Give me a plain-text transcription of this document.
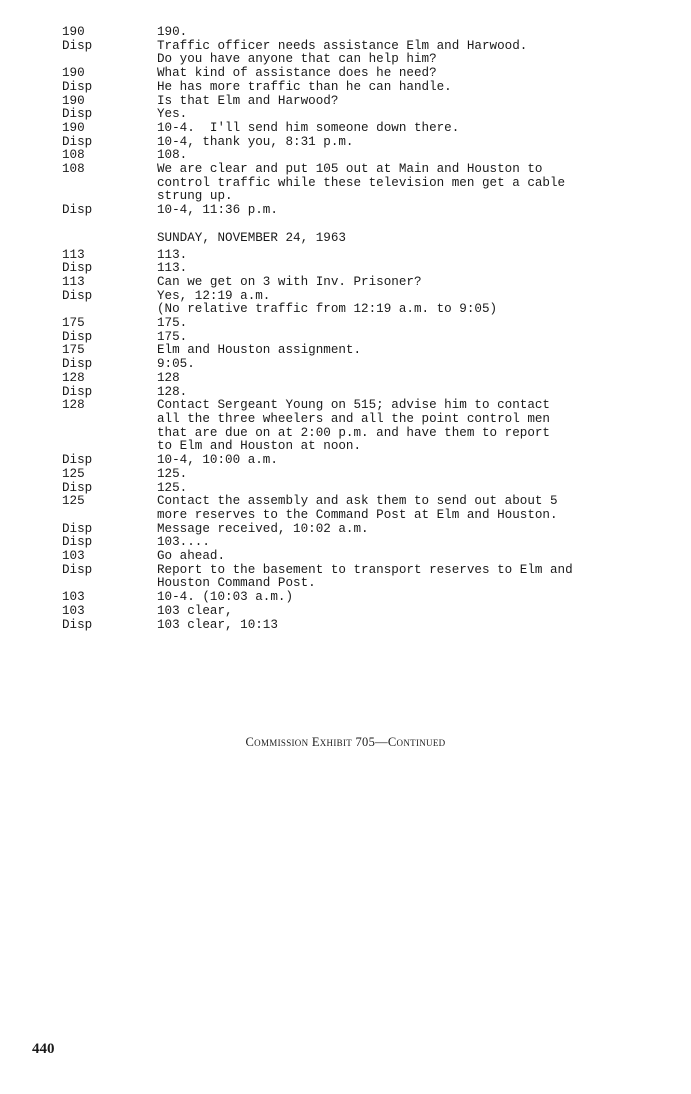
190	190.
Disp	Traffic officer needs assistance Elm and Harwood.
Do you have anyone that can help him?
190	What kind of assistance does he need?
Disp	He has more traffic than he can handle.
190	Is that Elm and Harwood?
Disp	Yes.
190	10-4.  I'll send him someone down there.
Disp	10-4, thank you, 8:31 p.m.
108	108.
108	We are clear and put 105 out at Main and Houston to
control traffic while these television men get a cable
strung up.
Disp	10-4, 11:36 p.m.
SUNDAY, NOVEMBER 24, 1963
113	113.
Disp	113.
113	Can we get on 3 with Inv. Prisoner?
Disp	Yes, 12:19 a.m.
(No relative traffic from 12:19 a.m. to 9:05)
175	175.
Disp	175.
175	Elm and Houston assignment.
Disp	9:05.
128	128
Disp	128.
128	Contact Sergeant Young on 515; advise him to contact
all the three wheelers and all the point control men
that are due on at 2:00 p.m. and have them to report
to Elm and Houston at noon.
Disp	10-4, 10:00 a.m.
125	125.
Disp	125.
125	Contact the assembly and ask them to send out about 5
more reserves to the Command Post at Elm and Houston.
Disp	Message received, 10:02 a.m.
Disp	103....
103	Go ahead.
Disp	Report to the basement to transport reserves to Elm and
Houston Command Post.
103	10-4. (10:03 a.m.)
103	103 clear,
Disp	103 clear, 10:13
Commission Exhibit 705—Continued
440
